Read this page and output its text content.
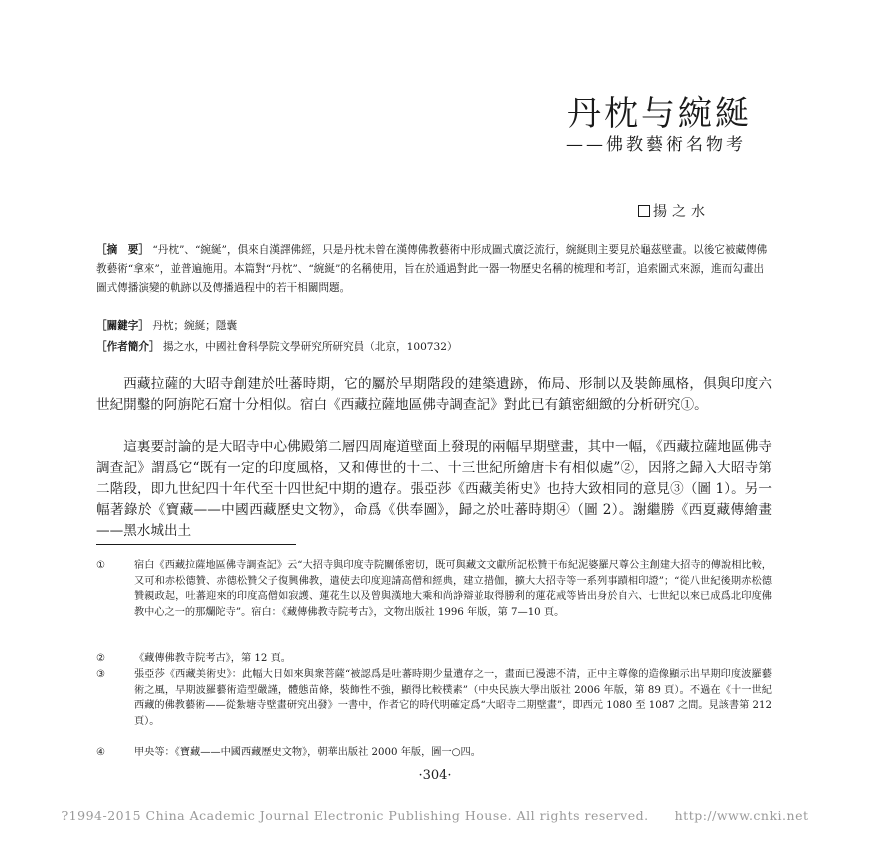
丹枕与綩綖
——佛教藝術名物考
揚之水
［摘　要］ “丹枕”、“綩綖”，俱來自漢譯佛經，只是丹枕未曾在漢傳佛教藝術中形成圖式廣泛流行，綩綖則主要見於龜茲壁畫。以後它被藏傳佛教藝術“拿來”，並普遍施用。本篇對“丹枕”、“綩綖”的名稱使用，旨在於通過對此一器一物歷史名稱的梳理和考訂，追索圖式來源，進而勾畫出圖式傳播演變的軌跡以及傳播過程中的若干相關問題。
［關鍵字］ 丹枕；綩綖；隱囊
［作者簡介］ 揚之水，中國社會科學院文學研究所研究員（北京，100732）
西藏拉薩的大昭寺創建於吐蕃時期，它的屬於早期階段的建築遺跡，佈局、形制以及裝飾風格，俱與印度六世紀開鑿的阿旃陀石窟十分相似。宿白《西藏拉薩地區佛寺調查記》對此已有鎮密細緻的分析研究①。
這裏要討論的是大昭寺中心佛殿第二層四周庵道壁面上發現的兩幅早期壁畫，其中一幅，《西藏拉薩地區佛寺調查記》謂爲它“既有一定的印度風格，又和傳世的十二、十三世紀所繪唐卡有相似處”②，因將之歸入大昭寺第二階段，即九世紀四十年代至十四世紀中期的遺存。張亞莎《西藏美術史》也持大致相同的意見③（圖 1）。另一幅著錄於《寶藏——中國西藏歷史文物》，命爲《供奉圖》，歸之於吐蕃時期④（圖 2）。謝繼勝《西夏藏傳繪畫——黑水城出土
①	宿白《西藏拉薩地區佛寺調查記》云“大招寺與印度寺院關係密切，既可與藏文文獻所記松贊干布紀泥婆羅尺尊公主創建大招寺的傳說相比較，又可和赤松德贊、赤德松贊父子復興佛教，遣使去印度迎請高僧和經典，建立措伽，擴大大招寺等一系列事蹟相印證”；“從八世紀後期赤松德贊親政起，吐蕃迎來的印度高僧如寂護、蓮花生以及曾與漢地大乘和尚諍辯並取得勝利的蓮花戒等皆出身於自六、七世紀以來已成爲北印度佛教中心之一的那爛陀寺”。宿白：《藏傳佛教寺院考古》，文物出版社 1996 年版，第 7—10 頁。
②	《藏傳佛教寺院考古》，第 12 頁。
③	張亞莎《西藏美術史》：此幅大日如來與衆菩薩“被認爲是吐蕃時期少量遺存之一，畫面已漫漶不清，正中主尊像的造像顯示出早期印度波羅藝術之風，早期波羅藝術造型嚴謹，體態苗條，裝飾性不強，顯得比較樸素”（中央民族大學出版社 2006 年版，第 89 頁）。不過在《十一世紀西藏的佛教藝術——從紮塘寺壁畫研究出發》一書中，作者它的時代明確定爲“大昭寺二期壁畫”，即西元 1080 至 1087 之間。見該書第 212 頁）。
④	甲央等：《寶藏——中國西藏歷史文物》，朝華出版社 2000 年版，圖一○四。
·304·
?1994-2015 China Academic Journal Electronic Publishing House. All rights reserved.　　http://www.cnki.net
